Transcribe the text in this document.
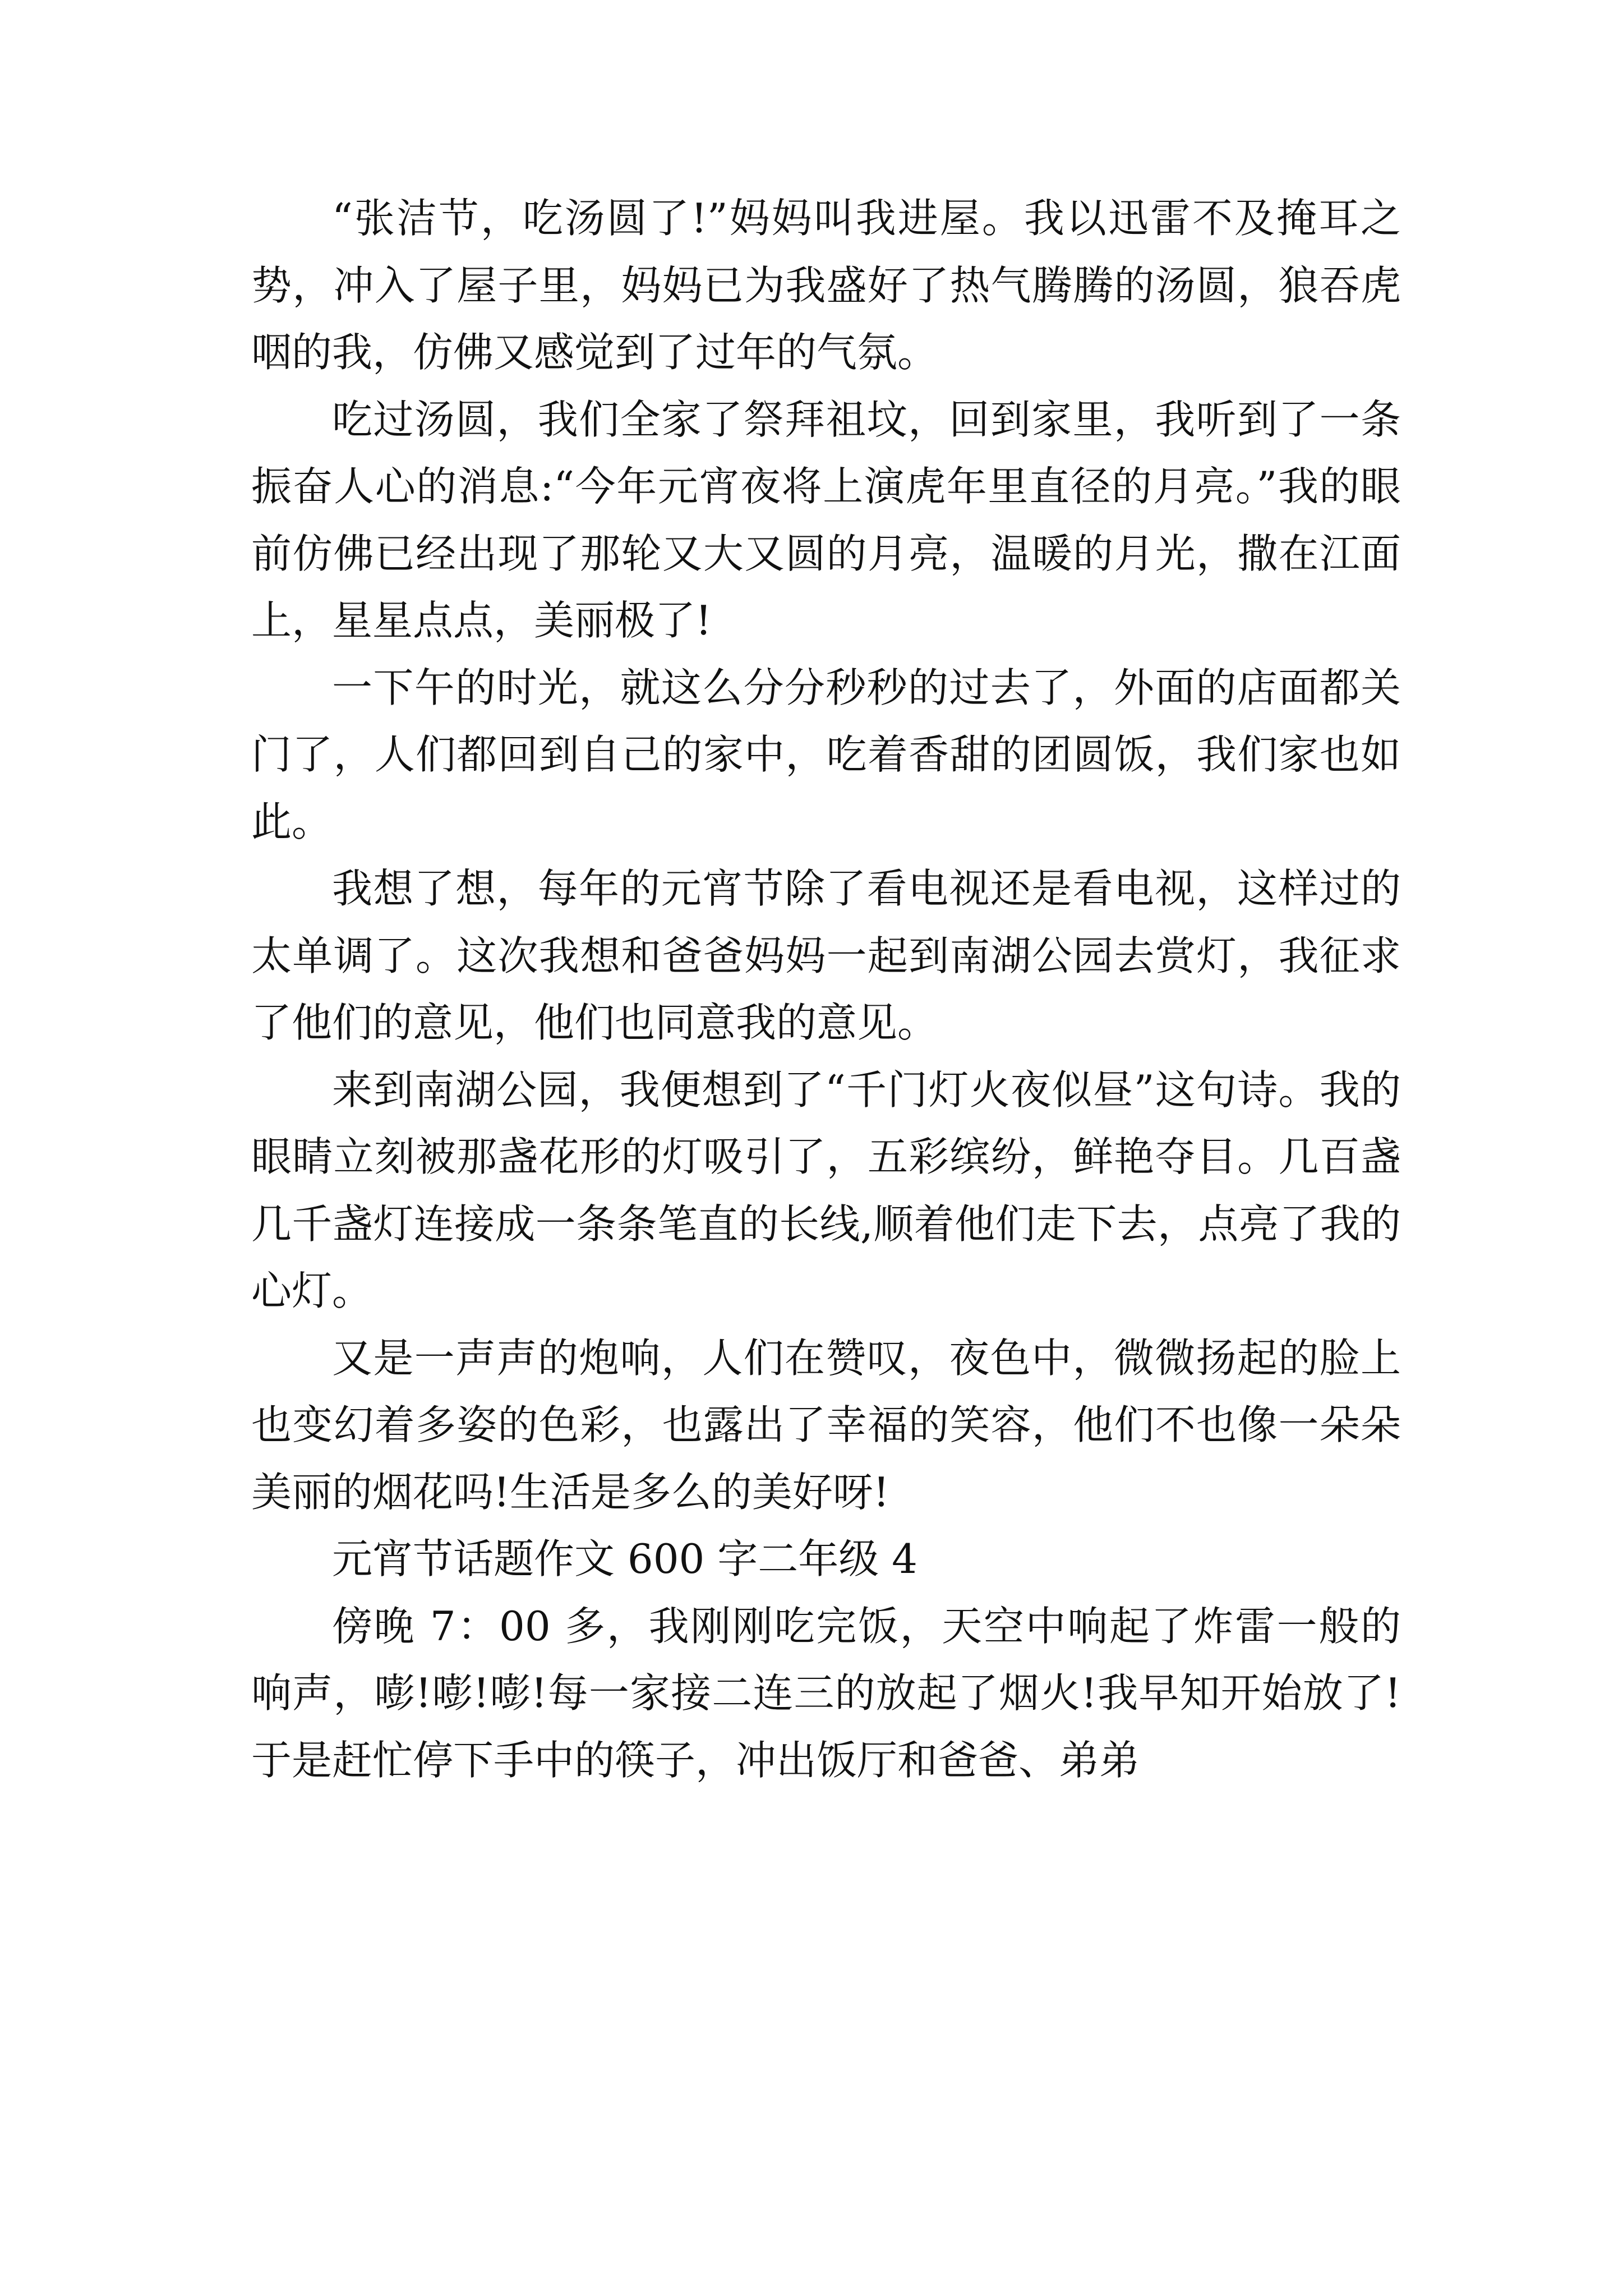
“张洁节，吃汤圆了!”妈妈叫我进屋。我以迅雷不及掩耳之势，冲入了屋子里，妈妈已为我盛好了热气腾腾的汤圆，狼吞虎咽的我，仿佛又感觉到了过年的气氛。

吃过汤圆，我们全家了祭拜祖坟，回到家里，我听到了一条振奋人心的消息:“今年元宵夜将上演虎年里直径的月亮。”我的眼前仿佛已经出现了那轮又大又圆的月亮，温暖的月光，撒在江面上，星星点点，美丽极了!

一下午的时光，就这么分分秒秒的过去了，外面的店面都关门了，人们都回到自己的家中，吃着香甜的团圆饭，我们家也如此。

我想了想，每年的元宵节除了看电视还是看电视，这样过的太单调了。这次我想和爸爸妈妈一起到南湖公园去赏灯，我征求了他们的意见，他们也同意我的意见。

来到南湖公园，我便想到了“千门灯火夜似昼”这句诗。我的眼睛立刻被那盏花形的灯吸引了，五彩缤纷，鲜艳夺目。几百盏几千盏灯连接成一条条笔直的长线,顺着他们走下去，点亮了我的心灯。

又是一声声的炮响，人们在赞叹，夜色中，微微扬起的脸上也变幻着多姿的色彩，也露出了幸福的笑容，他们不也像一朵朵美丽的烟花吗!生活是多么的美好呀!

元宵节话题作文 600 字二年级 4

傍晚 7：00 多，我刚刚吃完饭，天空中响起了炸雷一般的响声，嘭!嘭!嘭!每一家接二连三的放起了烟火!我早知开始放了!于是赶忙停下手中的筷子，冲出饭厅和爸爸、弟弟
